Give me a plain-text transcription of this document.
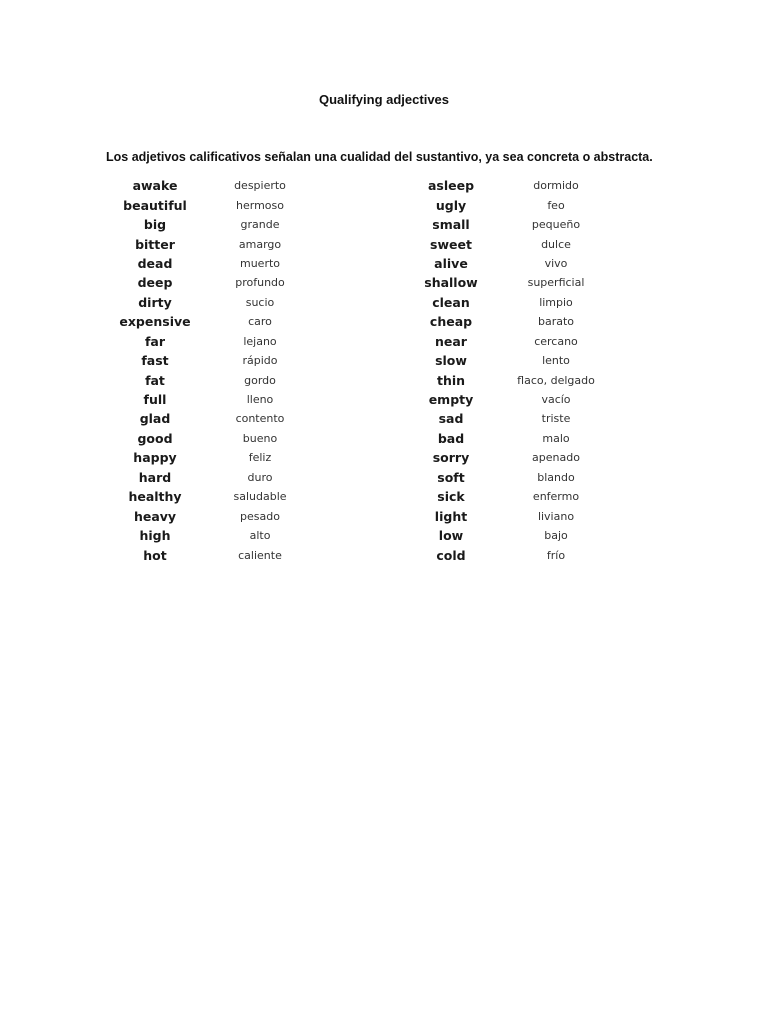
Qualifying adjectives
Los adjetivos calificativos señalan una cualidad del sustantivo, ya sea concreta o abstracta.
awake	despierto
beautiful	hermoso
big	grande
bitter	amargo
dead	muerto
deep	profundo
dirty	sucio
expensive	caro
far	lejano
fast	rápido
fat	gordo
full	lleno
glad	contento
good	bueno
happy	feliz
hard	duro
healthy	saludable
heavy	pesado
high	alto
hot	caliente
asleep	dormido
ugly	feo
small	pequeño
sweet	dulce
alive	vivo
shallow	superficial
clean	limpio
cheap	barato
near	cercano
slow	lento
thin	flaco, delgado
empty	vacío
sad	triste
bad	malo
sorry	apenado
soft	blando
sick	enfermo
light	liviano
low	bajo
cold	frío
